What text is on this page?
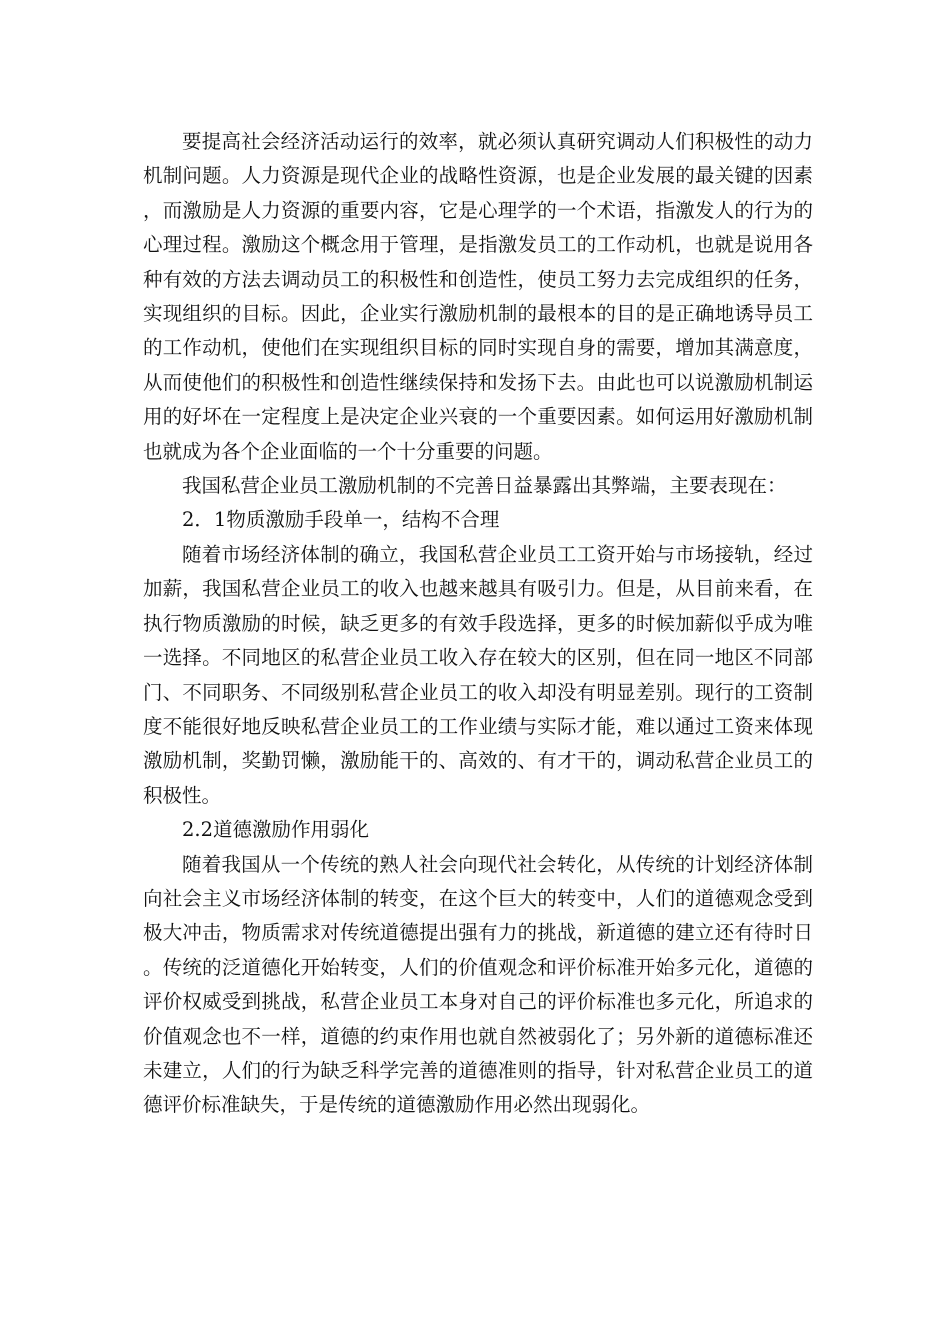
要提高社会经济活动运行的效率，就必须认真研究调动人们积极性的动力机制问题。人力资源是现代企业的战略性资源，也是企业发展的最关键的因素，而激励是人力资源的重要内容，它是心理学的一个术语，指激发人的行为的心理过程。激励这个概念用于管理，是指激发员工的工作动机，也就是说用各种有效的方法去调动员工的积极性和创造性，使员工努力去完成组织的任务，实现组织的目标。因此，企业实行激励机制的最根本的目的是正确地诱导员工的工作动机，使他们在实现组织目标的同时实现自身的需要，增加其满意度，从而使他们的积极性和创造性继续保持和发扬下去。由此也可以说激励机制运用的好坏在一定程度上是决定企业兴衰的一个重要因素。如何运用好激励机制也就成为各个企业面临的一个十分重要的问题。

我国私营企业员工激励机制的不完善日益暴露出其弊端，主要表现在：

2．1物质激励手段单一，结构不合理

随着市场经济体制的确立，我国私营企业员工工资开始与市场接轨，经过加薪，我国私营企业员工的收入也越来越具有吸引力。但是，从目前来看，在执行物质激励的时候，缺乏更多的有效手段选择，更多的时候加薪似乎成为唯一选择。不同地区的私营企业员工收入存在较大的区别，但在同一地区不同部门、不同职务、不同级别私营企业员工的收入却没有明显差别。现行的工资制度不能很好地反映私营企业员工的工作业绩与实际才能，难以通过工资来体现激励机制，奖勤罚懒，激励能干的、高效的、有才干的，调动私营企业员工的积极性。

2.2道德激励作用弱化

随着我国从一个传统的熟人社会向现代社会转化，从传统的计划经济体制向社会主义市场经济体制的转变，在这个巨大的转变中，人们的道德观念受到极大冲击，物质需求对传统道德提出强有力的挑战，新道德的建立还有待时日。传统的泛道德化开始转变，人们的价值观念和评价标准开始多元化，道德的评价权威受到挑战，私营企业员工本身对自己的评价标准也多元化，所追求的价值观念也不一样，道德的约束作用也就自然被弱化了；另外新的道德标准还未建立，人们的行为缺乏科学完善的道德准则的指导，针对私营企业员工的道德评价标准缺失，于是传统的道德激励作用必然出现弱化。
